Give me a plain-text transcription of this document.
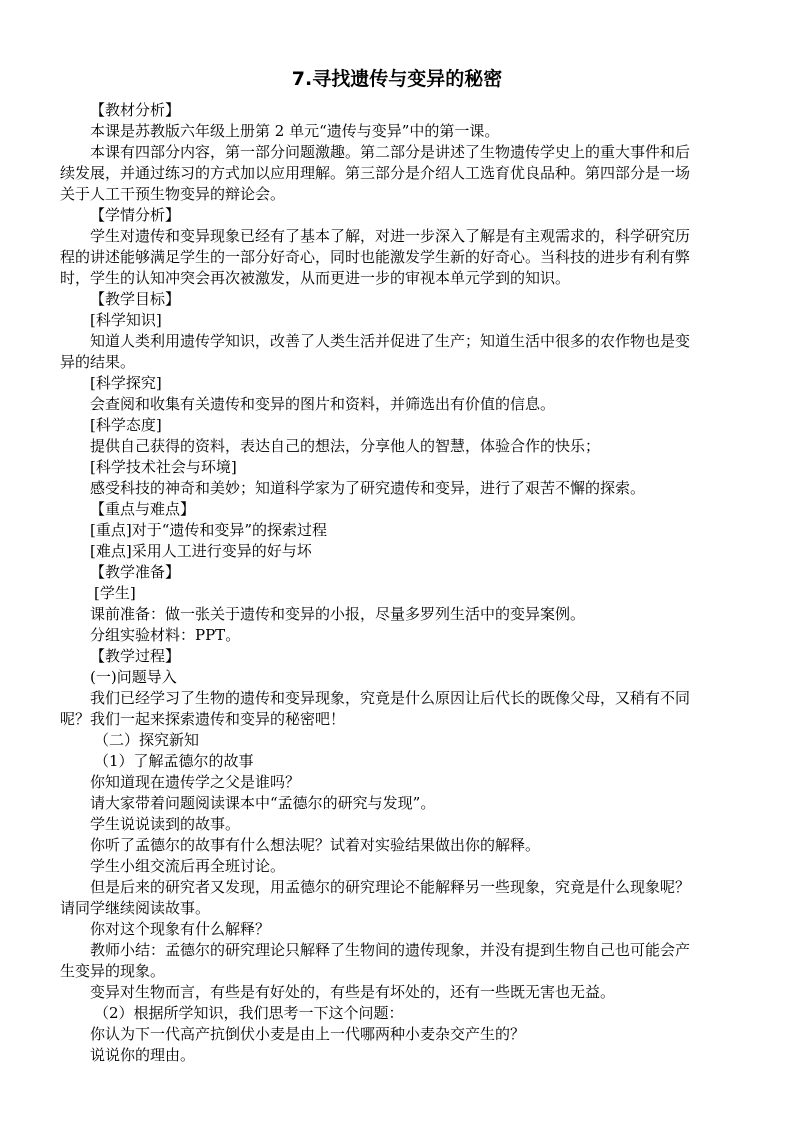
7.寻找遗传与变异的秘密
【教材分析】
本课是苏教版六年级上册第 2 单元“遗传与变异”中的第一课。
本课有四部分内容，第一部分问题激趣。第二部分是讲述了生物遗传学史上的重大事件和后
续发展，并通过练习的方式加以应用理解。第三部分是介绍人工选育优良品种。第四部分是一场
关于人工干预生物变异的辩论会。
【学情分析】
学生对遗传和变异现象已经有了基本了解，对进一步深入了解是有主观需求的，科学研究历
程的讲述能够满足学生的一部分好奇心，同时也能激发学生新的好奇心。当科技的进步有利有弊
时，学生的认知冲突会再次被激发，从而更进一步的审视本单元学到的知识。
【教学目标】
[科学知识]
知道人类利用遗传学知识，改善了人类生活并促进了生产；知道生活中很多的农作物也是变
异的结果。
[科学探究]
会查阅和收集有关遗传和变异的图片和资料，并筛选出有价值的信息。
[科学态度]
提供自己获得的资料，表达自己的想法，分享他人的智慧，体验合作的快乐；
[科学技术社会与环境]
感受科技的神奇和美妙；知道科学家为了研究遗传和变异，进行了艰苦不懈的探索。
【重点与难点】
[重点]对于“遗传和变异”的探索过程
[难点]采用人工进行变异的好与坏
【教学准备】
[学生]
课前准备：做一张关于遗传和变异的小报，尽量多罗列生活中的变异案例。
分组实验材料：PPT。
【教学过程】
(一)问题导入
我们已经学习了生物的遗传和变异现象，究竟是什么原因让后代长的既像父母，又稍有不同
呢？我们一起来探索遗传和变异的秘密吧！
（二）探究新知
（1）了解孟德尔的故事
你知道现在遗传学之父是谁吗？
请大家带着问题阅读课本中“孟德尔的研究与发现”。
学生说说读到的故事。
你听了孟德尔的故事有什么想法呢？试着对实验结果做出你的解释。
学生小组交流后再全班讨论。
但是后来的研究者又发现，用孟德尔的研究理论不能解释另一些现象，究竟是什么现象呢？
请同学继续阅读故事。
你对这个现象有什么解释？
教师小结：孟德尔的研究理论只解释了生物间的遗传现象，并没有提到生物自己也可能会产
生变异的现象。
变异对生物而言，有些是有好处的，有些是有坏处的，还有一些既无害也无益。
（2）根据所学知识，我们思考一下这个问题：
你认为下一代高产抗倒伏小麦是由上一代哪两种小麦杂交产生的？
说说你的理由。
